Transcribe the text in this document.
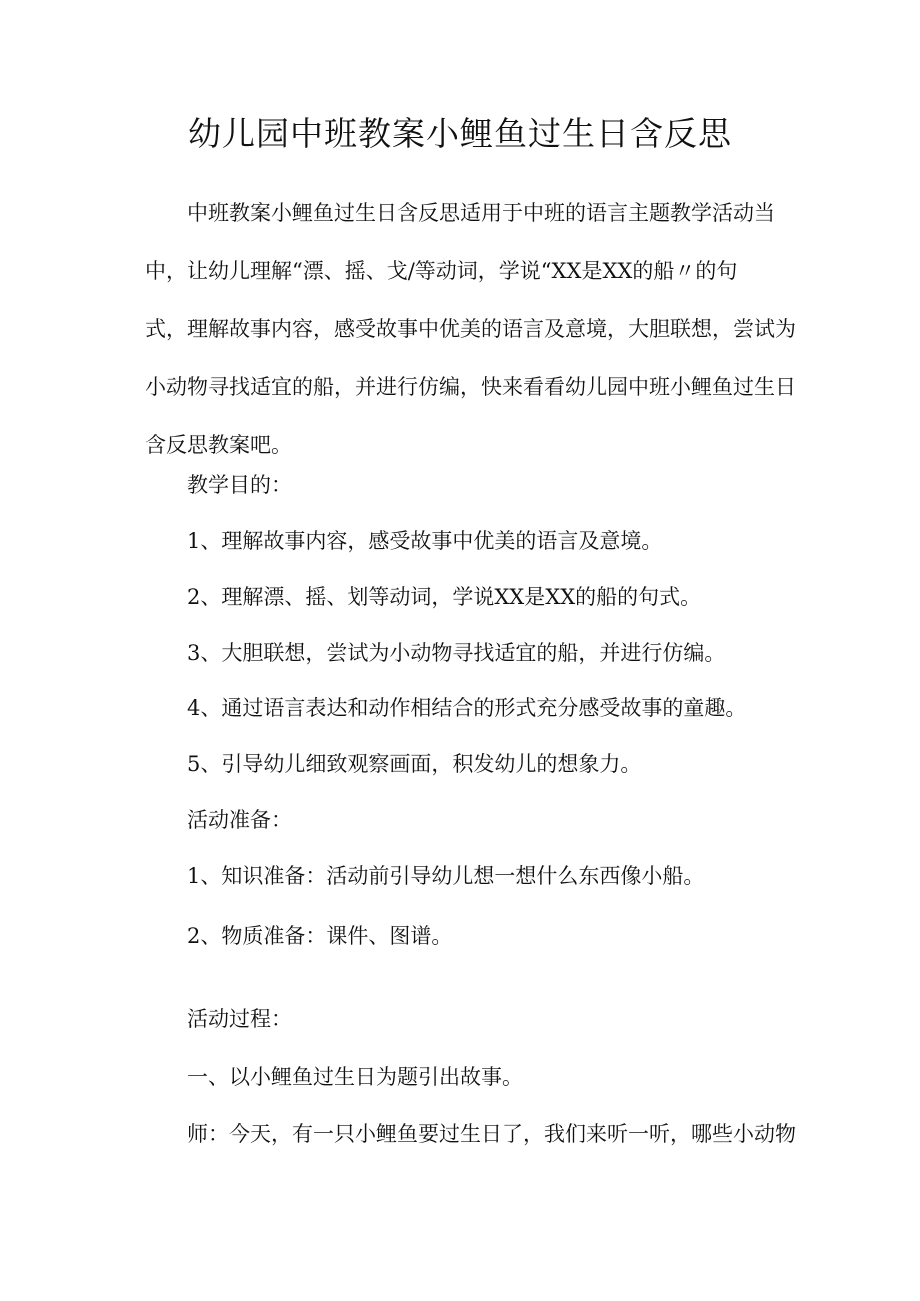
幼儿园中班教案小鲤鱼过生日含反思
中班教案小鲤鱼过生日含反思适用于中班的语言主题教学活动当
中，让幼儿理解“漂、摇、戈/等动词，学说“XX是XX的船〃的句
式，理解故事内容，感受故事中优美的语言及意境，大胆联想，尝试为
小动物寻找适宜的船，并进行仿编，快来看看幼儿园中班小鲤鱼过生日
含反思教案吧。
教学目的：
1、理解故事内容，感受故事中优美的语言及意境。
2、理解漂、摇、划等动词，学说XX是XX的船的句式。
3、大胆联想，尝试为小动物寻找适宜的船，并进行仿编。
4、通过语言表达和动作相结合的形式充分感受故事的童趣。
5、引导幼儿细致观察画面，积发幼儿的想象力。
活动准备：
1、知识准备：活动前引导幼儿想一想什么东西像小船。
2、物质准备：课件、图谱。
活动过程：
一、以小鲤鱼过生日为题引出故事。
师：今天，有一只小鲤鱼要过生日了，我们来听一听，哪些小动物
